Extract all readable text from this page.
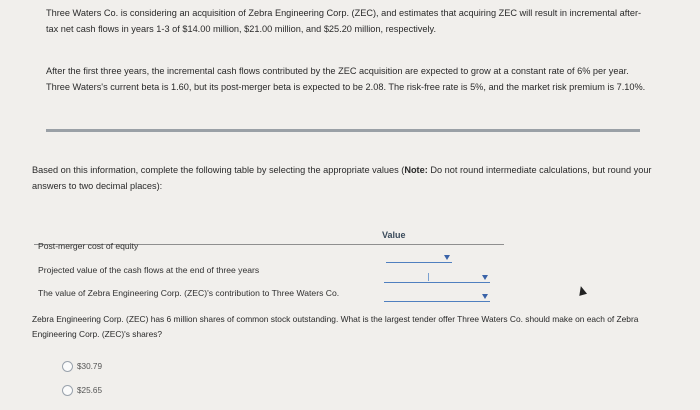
Three Waters Co. is considering an acquisition of Zebra Engineering Corp. (ZEC), and estimates that acquiring ZEC will result in incremental after-tax net cash flows in years 1-3 of $14.00 million, $21.00 million, and $25.20 million, respectively.

After the first three years, the incremental cash flows contributed by the ZEC acquisition are expected to grow at a constant rate of 6% per year. Three Waters's current beta is 1.60, but its post-merger beta is expected to be 2.08. The risk-free rate is 5%, and the market risk premium is 7.10%.

Based on this information, complete the following table by selecting the appropriate values (Note: Do not round intermediate calculations, but round your answers to two decimal places):

Value
Post-merger cost of equity
Projected value of the cash flows at the end of three years
The value of Zebra Engineering Corp. (ZEC)'s contribution to Three Waters Co.

Zebra Engineering Corp. (ZEC) has 6 million shares of common stock outstanding. What is the largest tender offer Three Waters Co. should make on each of Zebra Engineering Corp. (ZEC)'s shares?

$30.79
$25.65
